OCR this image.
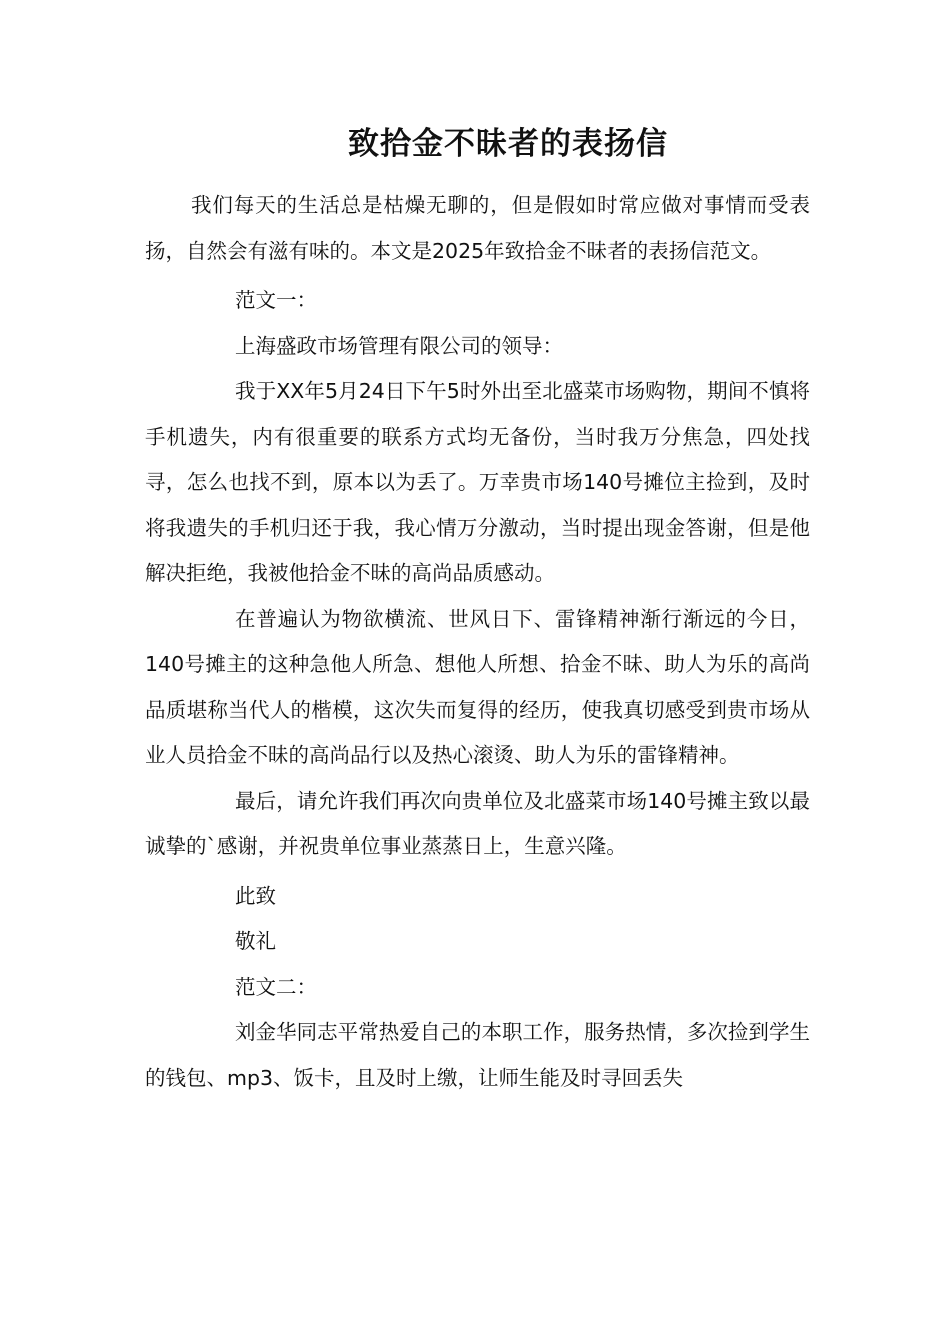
致拾金不昧者的表扬信

我们每天的生活总是枯燥无聊的，但是假如时常应做对事情而受表扬，自然会有滋有味的。本文是2025年致拾金不昧者的表扬信范文。

范文一：

上海盛政市场管理有限公司的领导：

我于XX年5月24日下午5时外出至北盛菜市场购物，期间不慎将手机遗失，内有很重要的联系方式均无备份，当时我万分焦急，四处找寻，怎么也找不到，原本以为丢了。万幸贵市场140号摊位主捡到，及时将我遗失的手机归还于我，我心情万分激动，当时提出现金答谢，但是他解决拒绝，我被他拾金不昧的高尚品质感动。

在普遍认为物欲横流、世风日下、雷锋精神渐行渐远的今日，140号摊主的这种急他人所急、想他人所想、拾金不昧、助人为乐的高尚品质堪称当代人的楷模，这次失而复得的经历，使我真切感受到贵市场从业人员拾金不昧的高尚品行以及热心滚烫、助人为乐的雷锋精神。

最后，请允许我们再次向贵单位及北盛菜市场140号摊主致以最诚挚的`感谢，并祝贵单位事业蒸蒸日上，生意兴隆。

此致

敬礼

范文二：

刘金华同志平常热爱自己的本职工作，服务热情，多次捡到学生的钱包、mp3、饭卡，且及时上缴，让师生能及时寻回丢失
